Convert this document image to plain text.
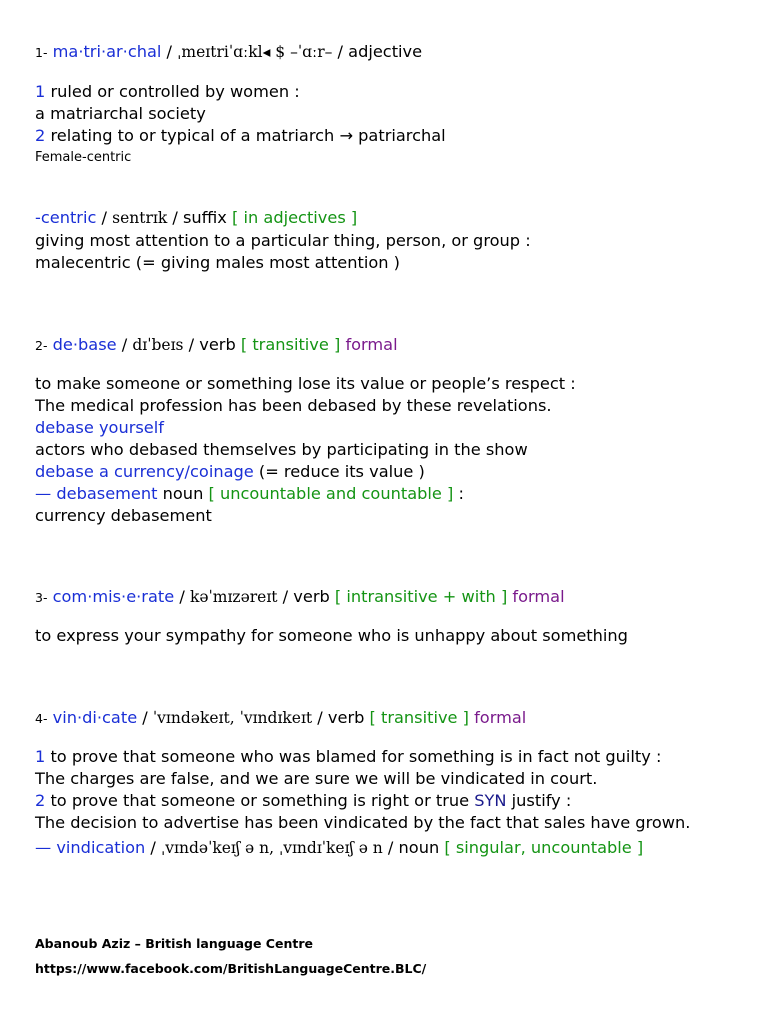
1- ma·tri·ar·chal / ˌmeɪtriˈɑːkl◂ $ –ˈɑːr– / adjective
1 ruled or controlled by women :
a matriarchal society
2 relating to or typical of a matriarch → patriarchal
Female-centric
-centric / sentrɪk / suffix [ in adjectives ]
giving most attention to a particular thing, person, or group :
malecentric (= giving males most attention )
2- de·base / dɪˈbeɪs / verb [ transitive ] formal
to make someone or something lose its value or people’s respect :
The medical profession has been debased by these revelations.
debase yourself
actors who debased themselves by participating in the show
debase a currency/coinage (= reduce its value )
— debasement noun [ uncountable and countable ] :
currency debasement
3- com·mis·e·rate / kəˈmɪzəreɪt / verb [ intransitive + with ] formal
to express your sympathy for someone who is unhappy about something
4- vin·di·cate / ˈvɪndəkeɪt, ˈvɪndɪkeɪt / verb [ transitive ] formal
1 to prove that someone who was blamed for something is in fact not guilty :
The charges are false, and we are sure we will be vindicated in court.
2 to prove that someone or something is right or true SYN justify :
The decision to advertise has been vindicated by the fact that sales have grown.
— vindication / ˌvɪndəˈkeɪʃ ə n, ˌvɪndɪˈkeɪʃ ə n / noun [ singular, uncountable ]
Abanoub Aziz – British language Centre
https://www.facebook.com/BritishLanguageCentre.BLC/
